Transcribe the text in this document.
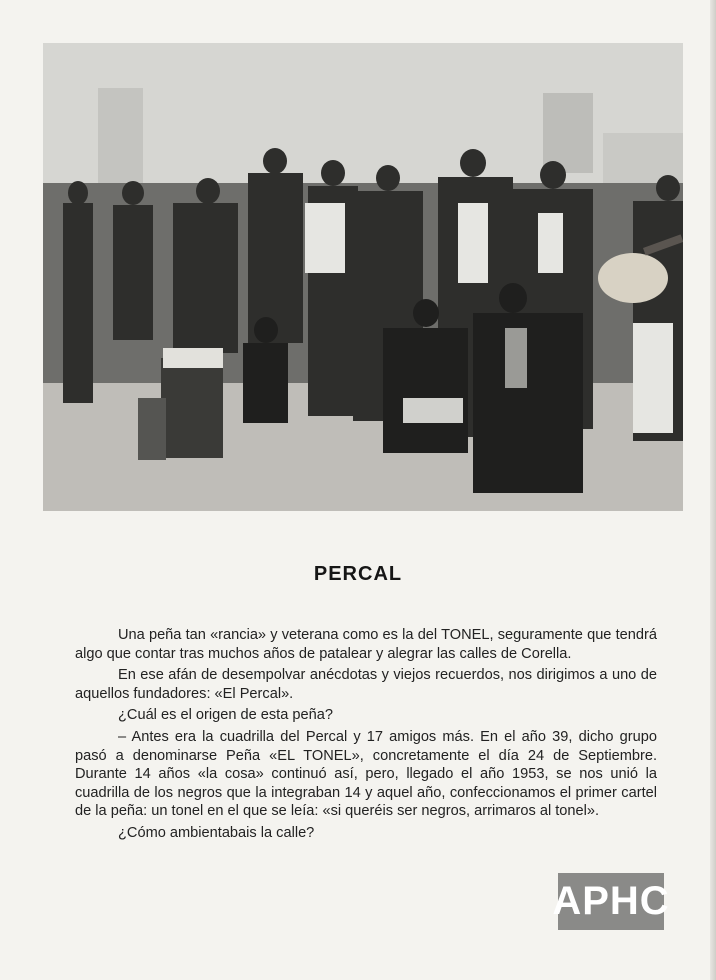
PERCAL

Una peña tan «rancia» y veterana como es la del TONEL, seguramente que tendrá algo que contar tras muchos años de patalear y alegrar las calles de Corella.

En ese afán de desempolvar anécdotas y viejos recuerdos, nos dirigimos a uno de aquellos fundadores: «El Percal».

¿Cuál es el origen de esta peña?

– Antes era la cuadrilla del Percal y 17 amigos más. En el año 39, dicho grupo pasó a denominarse Peña «EL TONEL», concretamente el día 24 de Septiembre. Durante 14 años «la cosa» continuó así, pero, llegado el año 1953, se nos unió la cuadrilla de los negros que la integraban 14 y aquel año, confeccionamos el primer cartel de la peña: un tonel en el que se leía: «si queréis ser negros, arrimaros al tonel».

¿Cómo ambientabais la calle?

APHC
